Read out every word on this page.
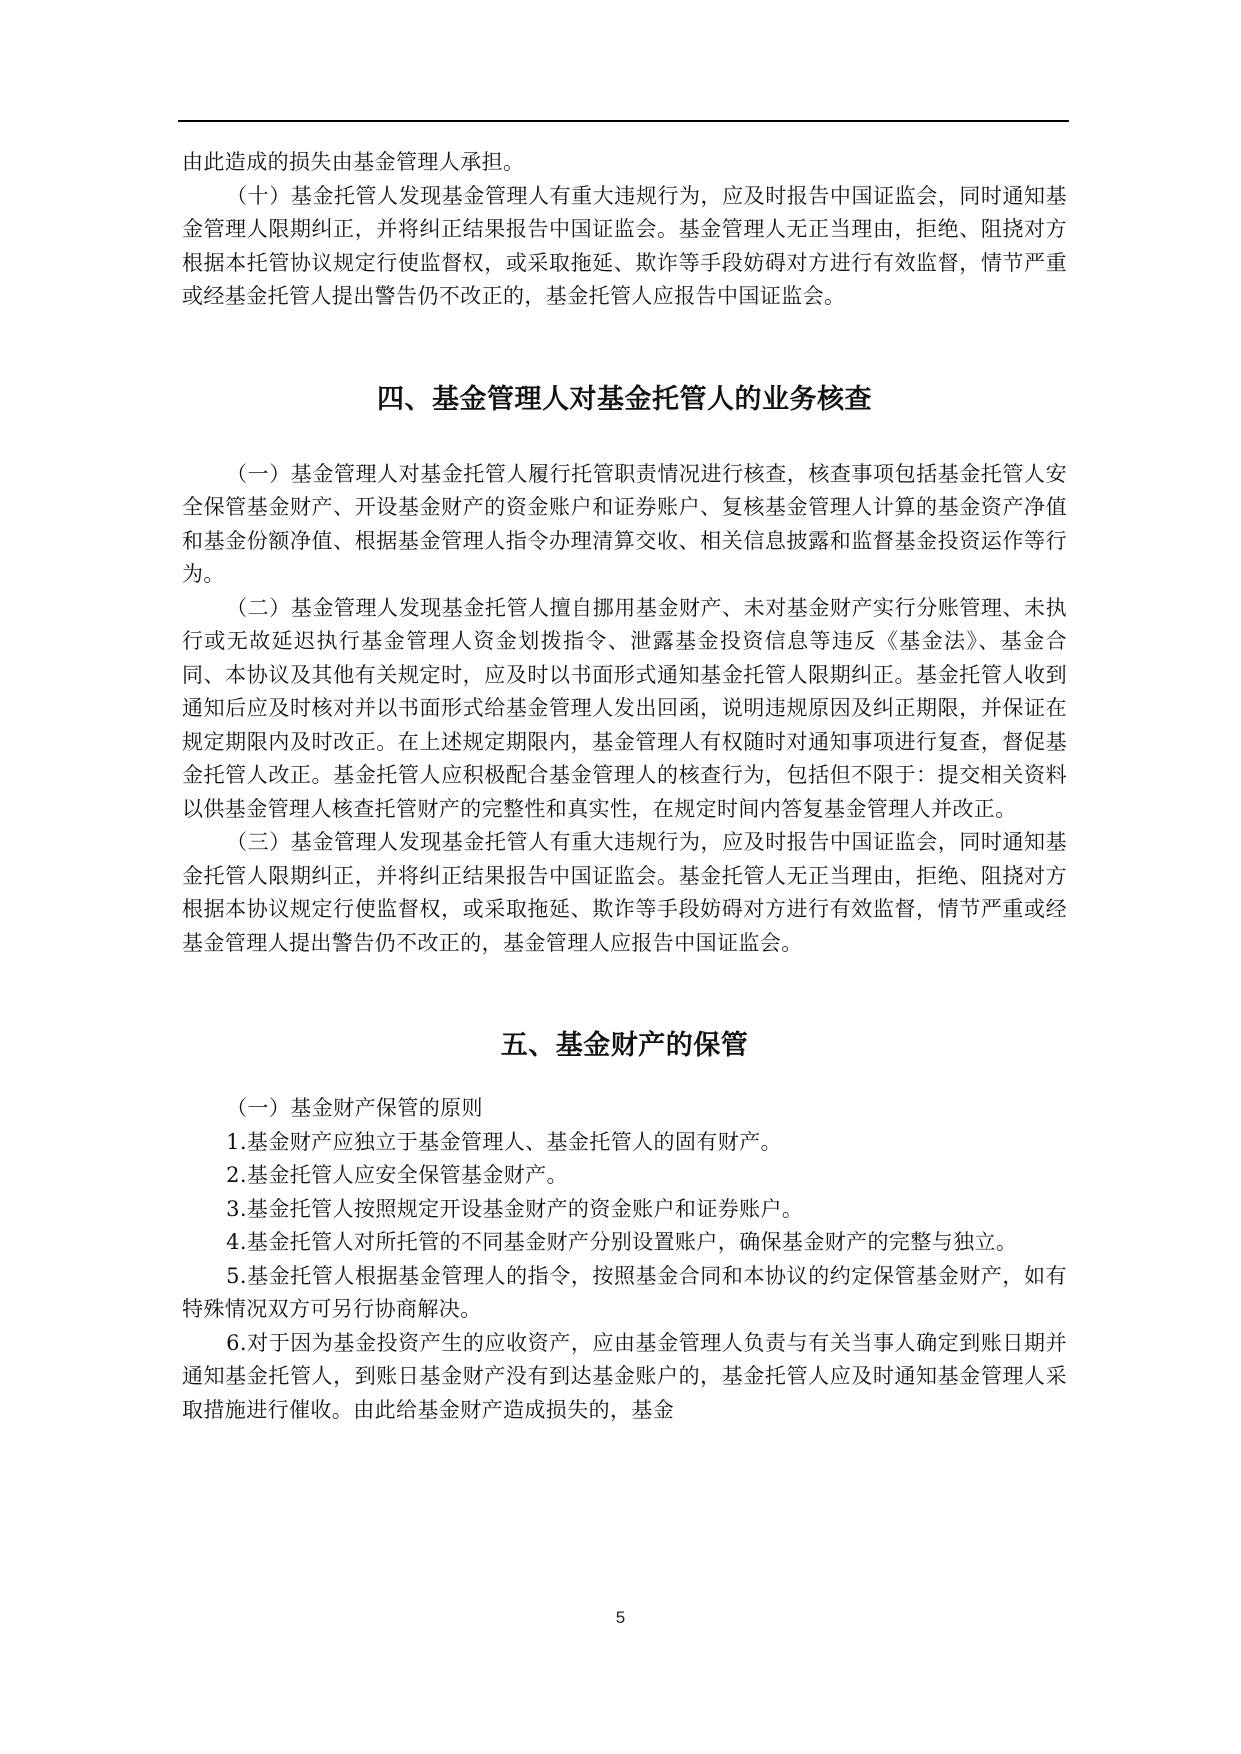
由此造成的损失由基金管理人承担。

（十）基金托管人发现基金管理人有重大违规行为，应及时报告中国证监会，同时通知基金管理人限期纠正，并将纠正结果报告中国证监会。基金管理人无正当理由，拒绝、阻挠对方根据本托管协议规定行使监督权，或采取拖延、欺诈等手段妨碍对方进行有效监督，情节严重或经基金托管人提出警告仍不改正的，基金托管人应报告中国证监会。

四、基金管理人对基金托管人的业务核查

（一）基金管理人对基金托管人履行托管职责情况进行核查，核查事项包括基金托管人安全保管基金财产、开设基金财产的资金账户和证券账户、复核基金管理人计算的基金资产净值和基金份额净值、根据基金管理人指令办理清算交收、相关信息披露和监督基金投资运作等行为。

（二）基金管理人发现基金托管人擅自挪用基金财产、未对基金财产实行分账管理、未执行或无故延迟执行基金管理人资金划拨指令、泄露基金投资信息等违反《基金法》、基金合同、本协议及其他有关规定时，应及时以书面形式通知基金托管人限期纠正。基金托管人收到通知后应及时核对并以书面形式给基金管理人发出回函，说明违规原因及纠正期限，并保证在规定期限内及时改正。在上述规定期限内，基金管理人有权随时对通知事项进行复查，督促基金托管人改正。基金托管人应积极配合基金管理人的核查行为，包括但不限于：提交相关资料以供基金管理人核查托管财产的完整性和真实性，在规定时间内答复基金管理人并改正。

（三）基金管理人发现基金托管人有重大违规行为，应及时报告中国证监会，同时通知基金托管人限期纠正，并将纠正结果报告中国证监会。基金托管人无正当理由，拒绝、阻挠对方根据本协议规定行使监督权，或采取拖延、欺诈等手段妨碍对方进行有效监督，情节严重或经基金管理人提出警告仍不改正的，基金管理人应报告中国证监会。

五、基金财产的保管

（一）基金财产保管的原则

1.基金财产应独立于基金管理人、基金托管人的固有财产。

2.基金托管人应安全保管基金财产。

3.基金托管人按照规定开设基金财产的资金账户和证券账户。

4.基金托管人对所托管的不同基金财产分别设置账户，确保基金财产的完整与独立。

5.基金托管人根据基金管理人的指令，按照基金合同和本协议的约定保管基金财产，如有特殊情况双方可另行协商解决。

6.对于因为基金投资产生的应收资产，应由基金管理人负责与有关当事人确定到账日期并通知基金托管人，到账日基金财产没有到达基金账户的，基金托管人应及时通知基金管理人采取措施进行催收。由此给基金财产造成损失的，基金

5
